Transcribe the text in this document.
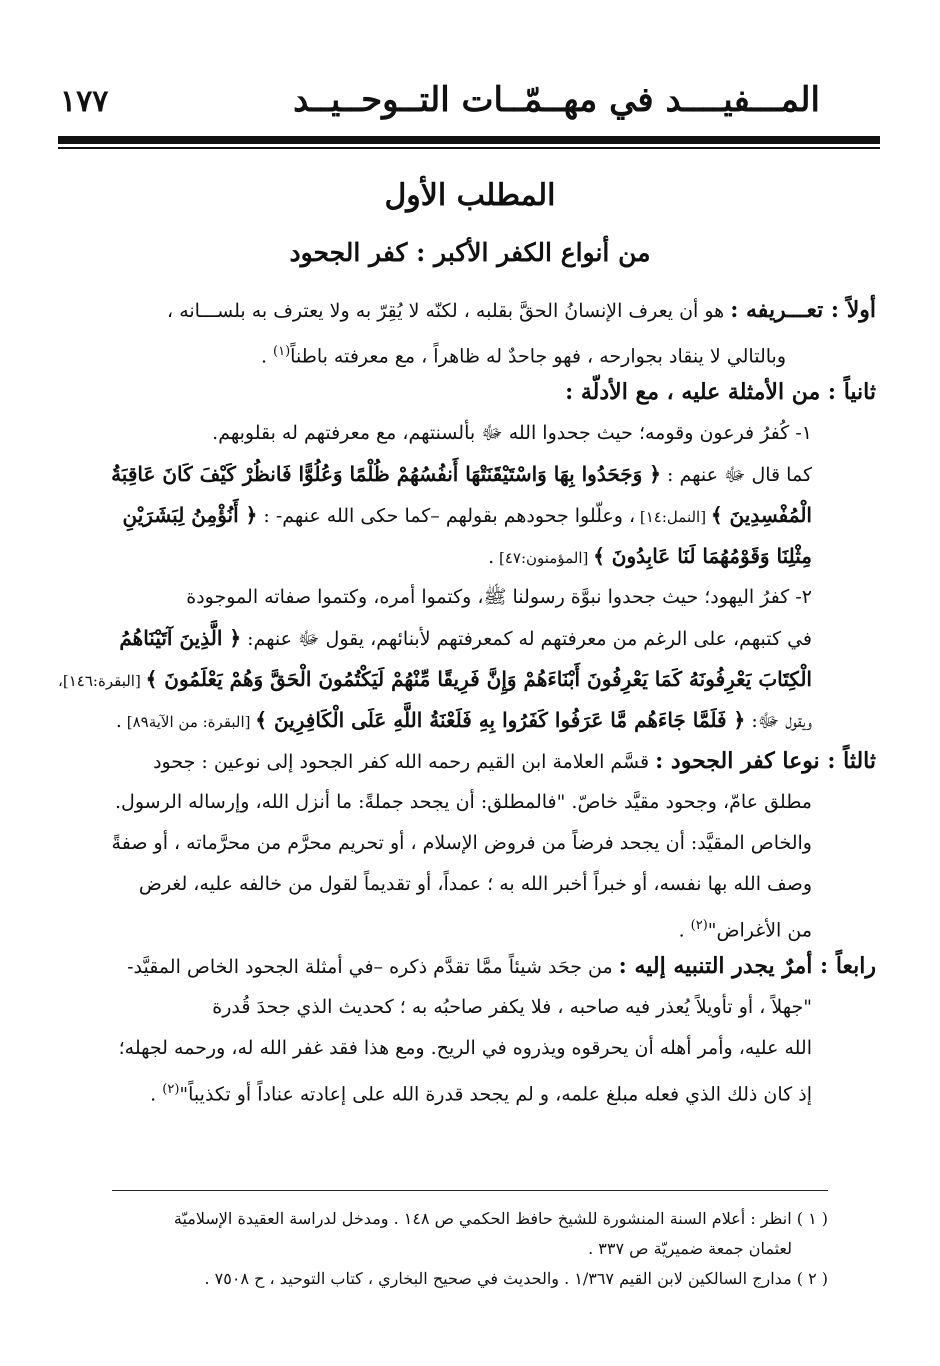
المـــفيــــد في مهــمّــات التــوحــيــد
١٧٧
المطلب الأول
من أنواع الكفر الأكبر : كفر الجحود
أولاً : تعـــريفه : هو أن يعرف الإنسانُ الحقَّ بقلبه ، لكنّه لا يُقِرّ به ولا يعترف به بلســـانه ،
وبالتالي لا ينقاد بجوارحه ، فهو جاحدٌ له ظاهراً ، مع معرفته باطناً$^{(١)}$ .
ثانياً : من الأمثلة عليه ، مع الأدلّة :
١- كُفرُ فرعون وقومه؛ حيث جحدوا الله ﷻ بألسنتهم، مع معرفتهم له بقلوبهم.
كما قال ﷻ عنهم : ﴿ وَجَحَدُوا بِهَا وَاسْتَيْقَنَتْهَا أَنفُسُهُمْ ظُلْمًا وَعُلُوًّا فَانظُرْ كَيْفَ كَانَ عَاقِبَةُ
الْمُفْسِدِينَ ﴾ [النمل:١٤] ، وعلّلوا جحودهم بقولهم –كما حكى الله عنهم- : ﴿ أَنُؤْمِنُ لِبَشَرَيْنِ
مِثْلِنَا وَقَوْمُهُمَا لَنَا عَابِدُونَ ﴾ [المؤمنون:٤٧] .
٢- كفرُ اليهود؛ حيث جحدوا نبوَّة رسولنا ﷺ، وكتموا أمره، وكتموا صفاته الموجودة
في كتبهم، على الرغم من معرفتهم له كمعرفتهم لأبنائهم، يقول ﷻ عنهم: ﴿ الَّذِينَ آتَيْنَاهُمُ
الْكِتَابَ يَعْرِفُونَهُ كَمَا يَعْرِفُونَ أَبْنَاءَهُمْ وَإِنَّ فَرِيقًا مِّنْهُمْ لَيَكْتُمُونَ الْحَقَّ وَهُمْ يَعْلَمُونَ ﴾ [البقرة:١٤٦]،
ويقول ﷻ: ﴿ فَلَمَّا جَاءَهُم مَّا عَرَفُوا كَفَرُوا بِهِ فَلَعْنَةُ اللَّهِ عَلَى الْكَافِرِينَ ﴾ [البقرة: من الآية٨٩] .
ثالثاً : نوعا كفر الجحود : قسَّم العلامة ابن القيم رحمه الله كفر الجحود إلى نوعين : جحود
مطلق عامّ، وجحود مقيَّد خاصّ. "فالمطلق: أن يجحد جملةً: ما أنزل الله، وإرساله الرسول.
والخاص المقيَّد: أن يجحد فرضاً من فروض الإسلام ، أو تحريم محرَّم من محرَّماته ، أو صفةً
وصف الله بها نفسه، أو خبراً أخبر الله به ؛ عمداً، أو تقديماً لقول من خالفه عليه، لغرض
من الأغراض"$^{(٢)}$ .
رابعاً : أمرٌ يجدر التنبيه إليه : من جحَد شيئاً ممَّا تقدَّم ذكره –في أمثلة الجحود الخاص المقيَّد-
"جهلاً ، أو تأويلاً يُعذر فيه صاحبه ، فلا يكفر صاحبُه به ؛ كحديث الذي جحدَ قُدرة
الله عليه، وأمر أهله أن يحرقوه ويذروه في الريح. ومع هذا فقد غفر الله له، ورحمه لجهله؛
إذ كان ذلك الذي فعله مبلغ علمه، و لم يجحد قدرة الله على إعادته عناداً أو تكذيباً"$^{(٢)}$ .
( ١ ) انظر : أعلام السنة المنشورة للشيخ حافظ الحكمي ص ١٤٨ . ومدخل لدراسة العقيدة الإسلاميّة
لعثمان جمعة ضميريّة ص ٣٣٧ .
( ٢ ) مدارج السالكين لابن القيم ١/٣٦٧ . والحديث في صحيح البخاري ، كتاب التوحيد ، ح ٧٥٠٨ .
